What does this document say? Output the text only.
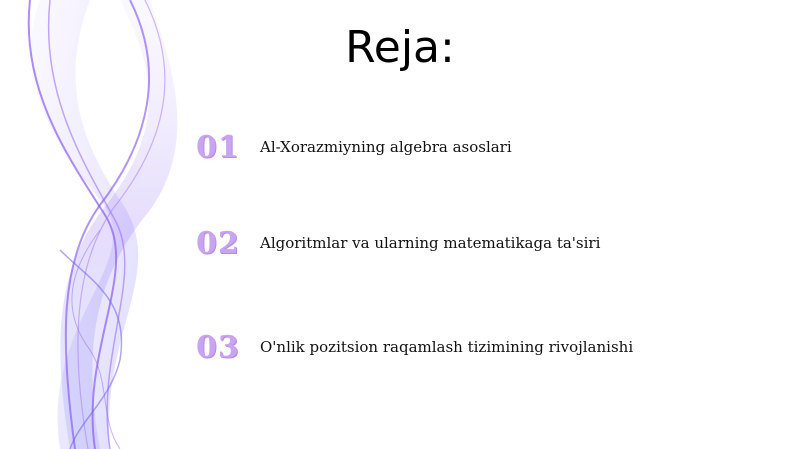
Reja:
01	Al-Xorazmiyning algebra asoslari
02	Algoritmlar va ularning matematikaga ta'siri
03	O'nlik pozitsion raqamlash tizimining rivojlanishi
